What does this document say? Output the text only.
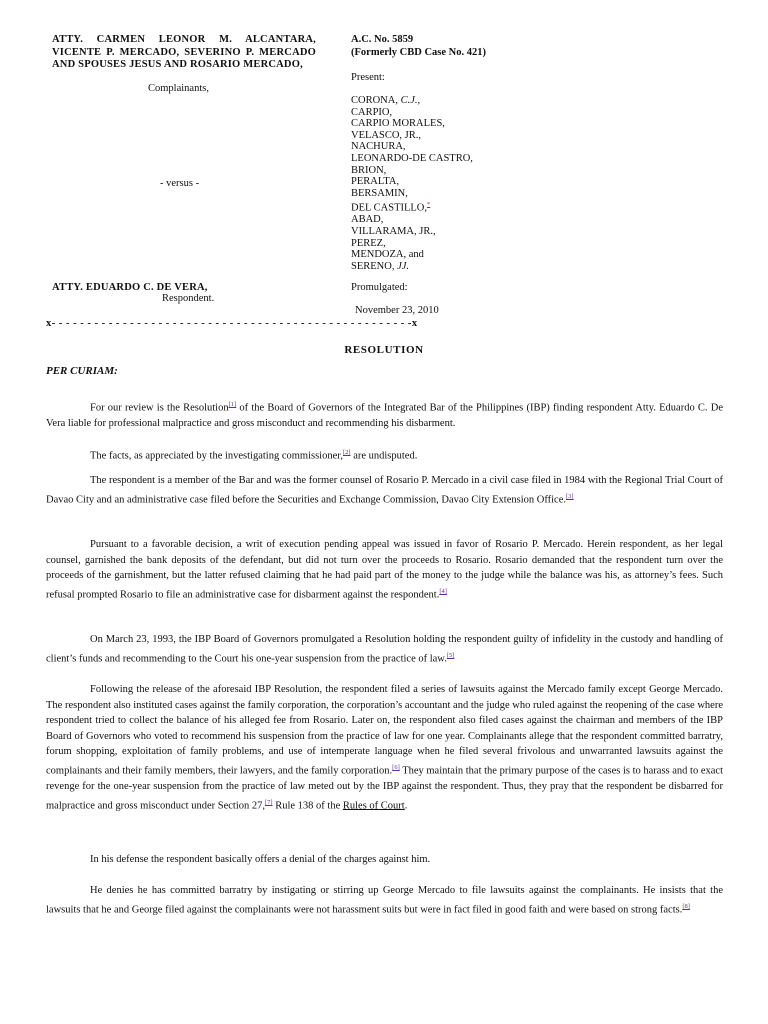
ATTY. CARMEN LEONOR M. ALCANTARA, VICENTE P. MERCADO, SEVERINO P. MERCADO AND SPOUSES JESUS AND ROSARIO MERCADO,
Complainants,
- versus -
ATTY. EDUARDO C. DE VERA,
Respondent.
A.C. No. 5859
(Formerly CBD Case No. 421)
Present:
CORONA, C.J.,
CARPIO,
CARPIO MORALES,
VELASCO, JR.,
NACHURA,
LEONARDO-DE CASTRO,
BRION,
PERALTA,
BERSAMIN,
DEL CASTILLO,*
ABAD,
VILLARAMA, JR.,
PEREZ,
MENDOZA, and
SERENO, JJ.
Promulgated:
November 23, 2010
x- - - - - - - - - - - - - - - - - - - - - - - - - - - - - - - - - - - - - - - - - - - - - - - - - - -x
RESOLUTION
PER CURIAM:
For our review is the Resolution[1] of the Board of Governors of the Integrated Bar of the Philippines (IBP) finding respondent Atty. Eduardo C. De Vera liable for professional malpractice and gross misconduct and recommending his disbarment.
The facts, as appreciated by the investigating commissioner,[2] are undisputed.
The respondent is a member of the Bar and was the former counsel of Rosario P. Mercado in a civil case filed in 1984 with the Regional Trial Court of Davao City and an administrative case filed before the Securities and Exchange Commission, Davao City Extension Office.[3]
Pursuant to a favorable decision, a writ of execution pending appeal was issued in favor of Rosario P. Mercado. Herein respondent, as her legal counsel, garnished the bank deposits of the defendant, but did not turn over the proceeds to Rosario. Rosario demanded that the respondent turn over the proceeds of the garnishment, but the latter refused claiming that he had paid part of the money to the judge while the balance was his, as attorney’s fees. Such refusal prompted Rosario to file an administrative case for disbarment against the respondent.[4]
On March 23, 1993, the IBP Board of Governors promulgated a Resolution holding the respondent guilty of infidelity in the custody and handling of client’s funds and recommending to the Court his one-year suspension from the practice of law.[5]
Following the release of the aforesaid IBP Resolution, the respondent filed a series of lawsuits against the Mercado family except George Mercado. The respondent also instituted cases against the family corporation, the corporation’s accountant and the judge who ruled against the reopening of the case where respondent tried to collect the balance of his alleged fee from Rosario. Later on, the respondent also filed cases against the chairman and members of the IBP Board of Governors who voted to recommend his suspension from the practice of law for one year. Complainants allege that the respondent committed barratry, forum shopping, exploitation of family problems, and use of intemperate language when he filed several frivolous and unwarranted lawsuits against the complainants and their family members, their lawyers, and the family corporation.[6] They maintain that the primary purpose of the cases is to harass and to exact revenge for the one-year suspension from the practice of law meted out by the IBP against the respondent. Thus, they pray that the respondent be disbarred for malpractice and gross misconduct under Section 27,[7] Rule 138 of the Rules of Court.
In his defense the respondent basically offers a denial of the charges against him.
He denies he has committed barratry by instigating or stirring up George Mercado to file lawsuits against the complainants. He insists that the lawsuits that he and George filed against the complainants were not harassment suits but were in fact filed in good faith and were based on strong facts.[8]
